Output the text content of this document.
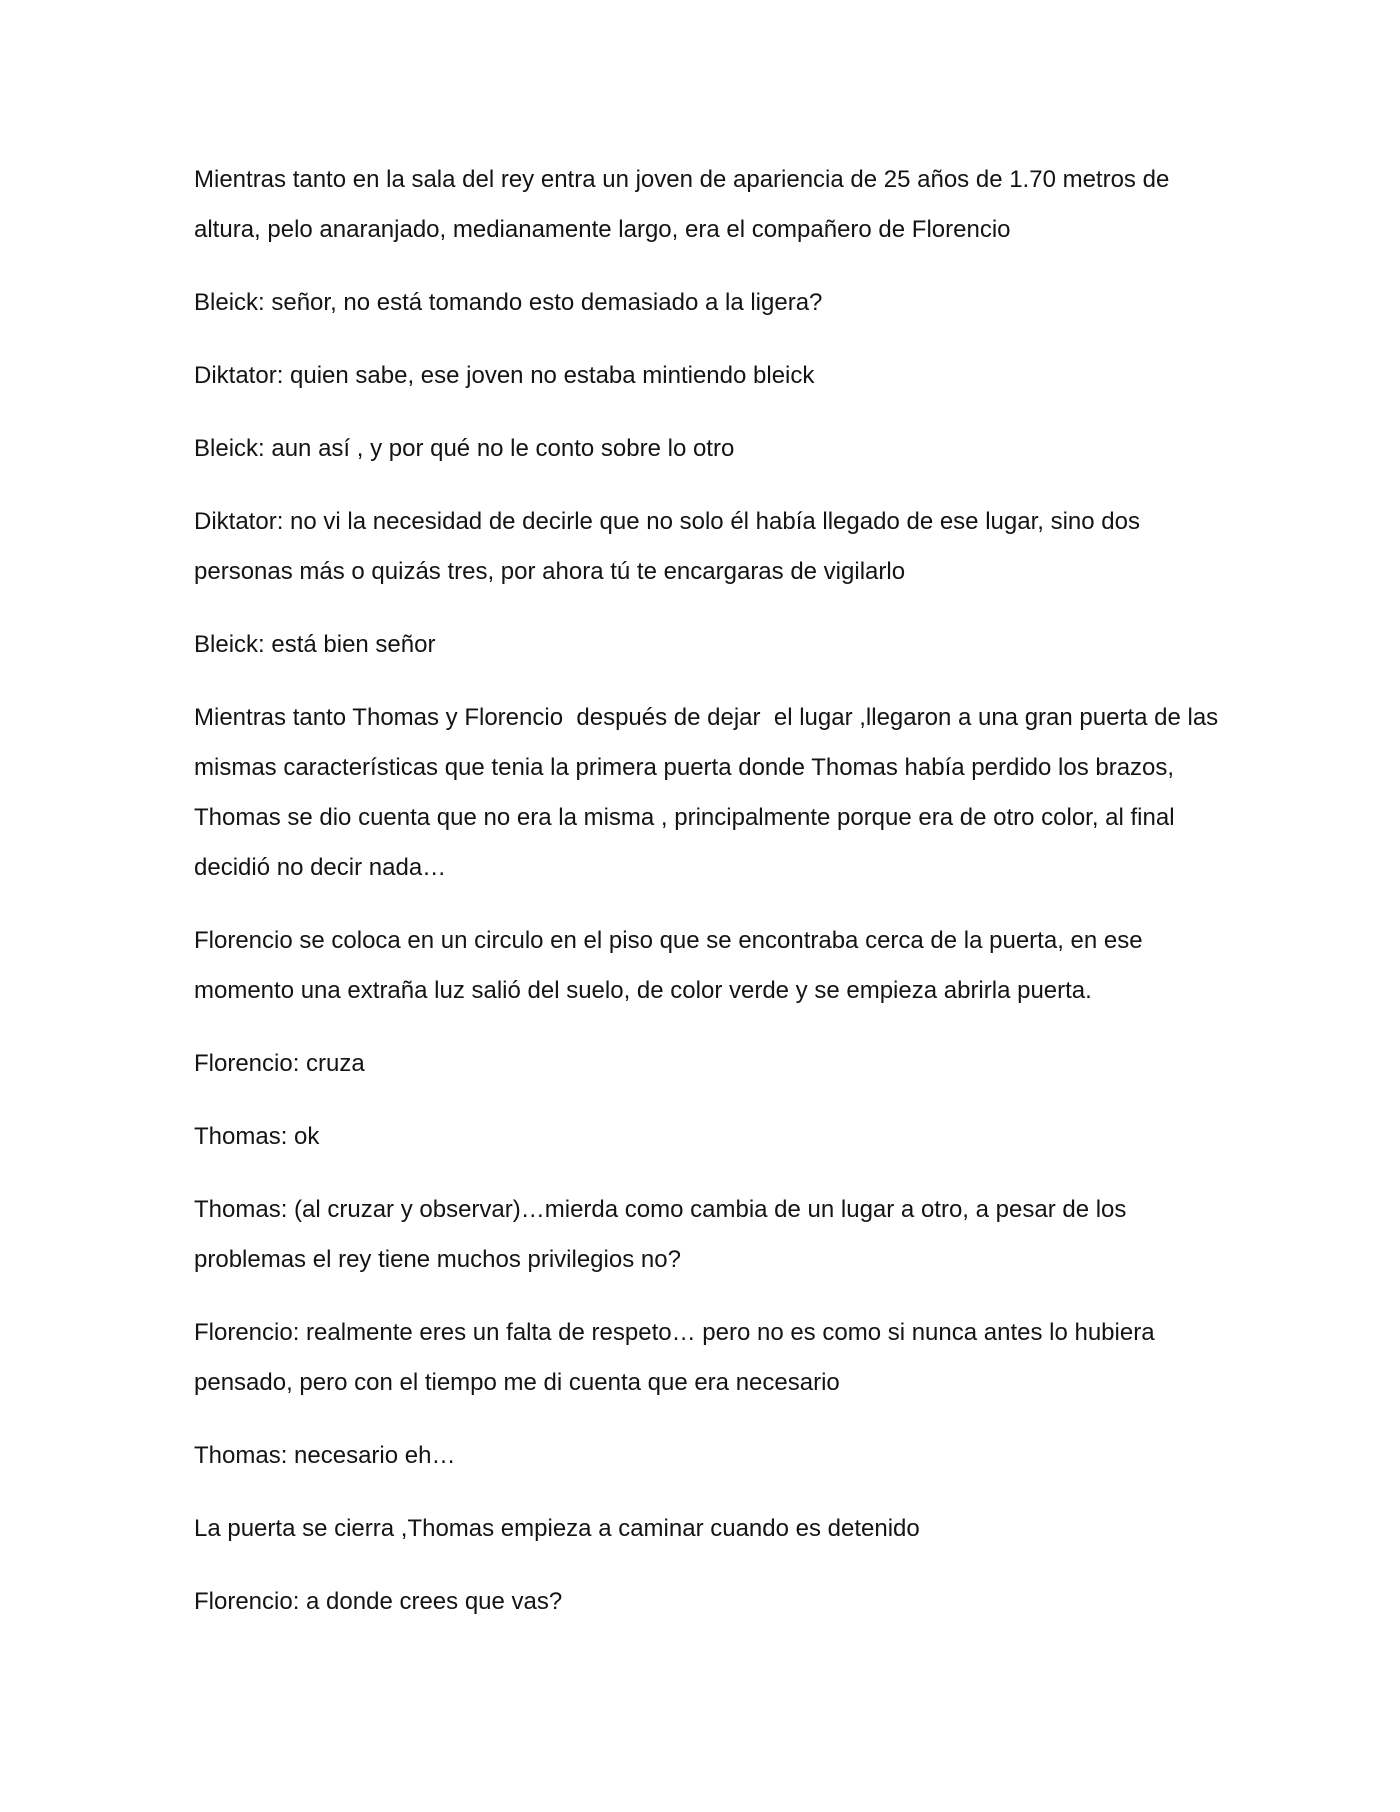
Mientras tanto en la sala del rey entra un joven de apariencia de 25 años de 1.70 metros de altura, pelo anaranjado, medianamente largo, era el compañero de Florencio

Bleick: señor, no está tomando esto demasiado a la ligera?

Diktator: quien sabe, ese joven no estaba mintiendo bleick

Bleick: aun así , y por qué no le conto sobre lo otro

Diktator: no vi la necesidad de decirle que no solo él había llegado de ese lugar, sino dos personas más o quizás tres, por ahora tú te encargaras de vigilarlo

Bleick: está bien señor

Mientras tanto Thomas y Florencio  después de dejar  el lugar ,llegaron a una gran puerta de las mismas características que tenia la primera puerta donde Thomas había perdido los brazos, Thomas se dio cuenta que no era la misma , principalmente porque era de otro color, al final decidió no decir nada…

Florencio se coloca en un circulo en el piso que se encontraba cerca de la puerta, en ese momento una extraña luz salió del suelo, de color verde y se empieza abrirla puerta.

Florencio: cruza

Thomas: ok

Thomas: (al cruzar y observar)…mierda como cambia de un lugar a otro, a pesar de los problemas el rey tiene muchos privilegios no?

Florencio: realmente eres un falta de respeto… pero no es como si nunca antes lo hubiera pensado, pero con el tiempo me di cuenta que era necesario

Thomas: necesario eh…

La puerta se cierra ,Thomas empieza a caminar cuando es detenido

Florencio: a donde crees que vas?
